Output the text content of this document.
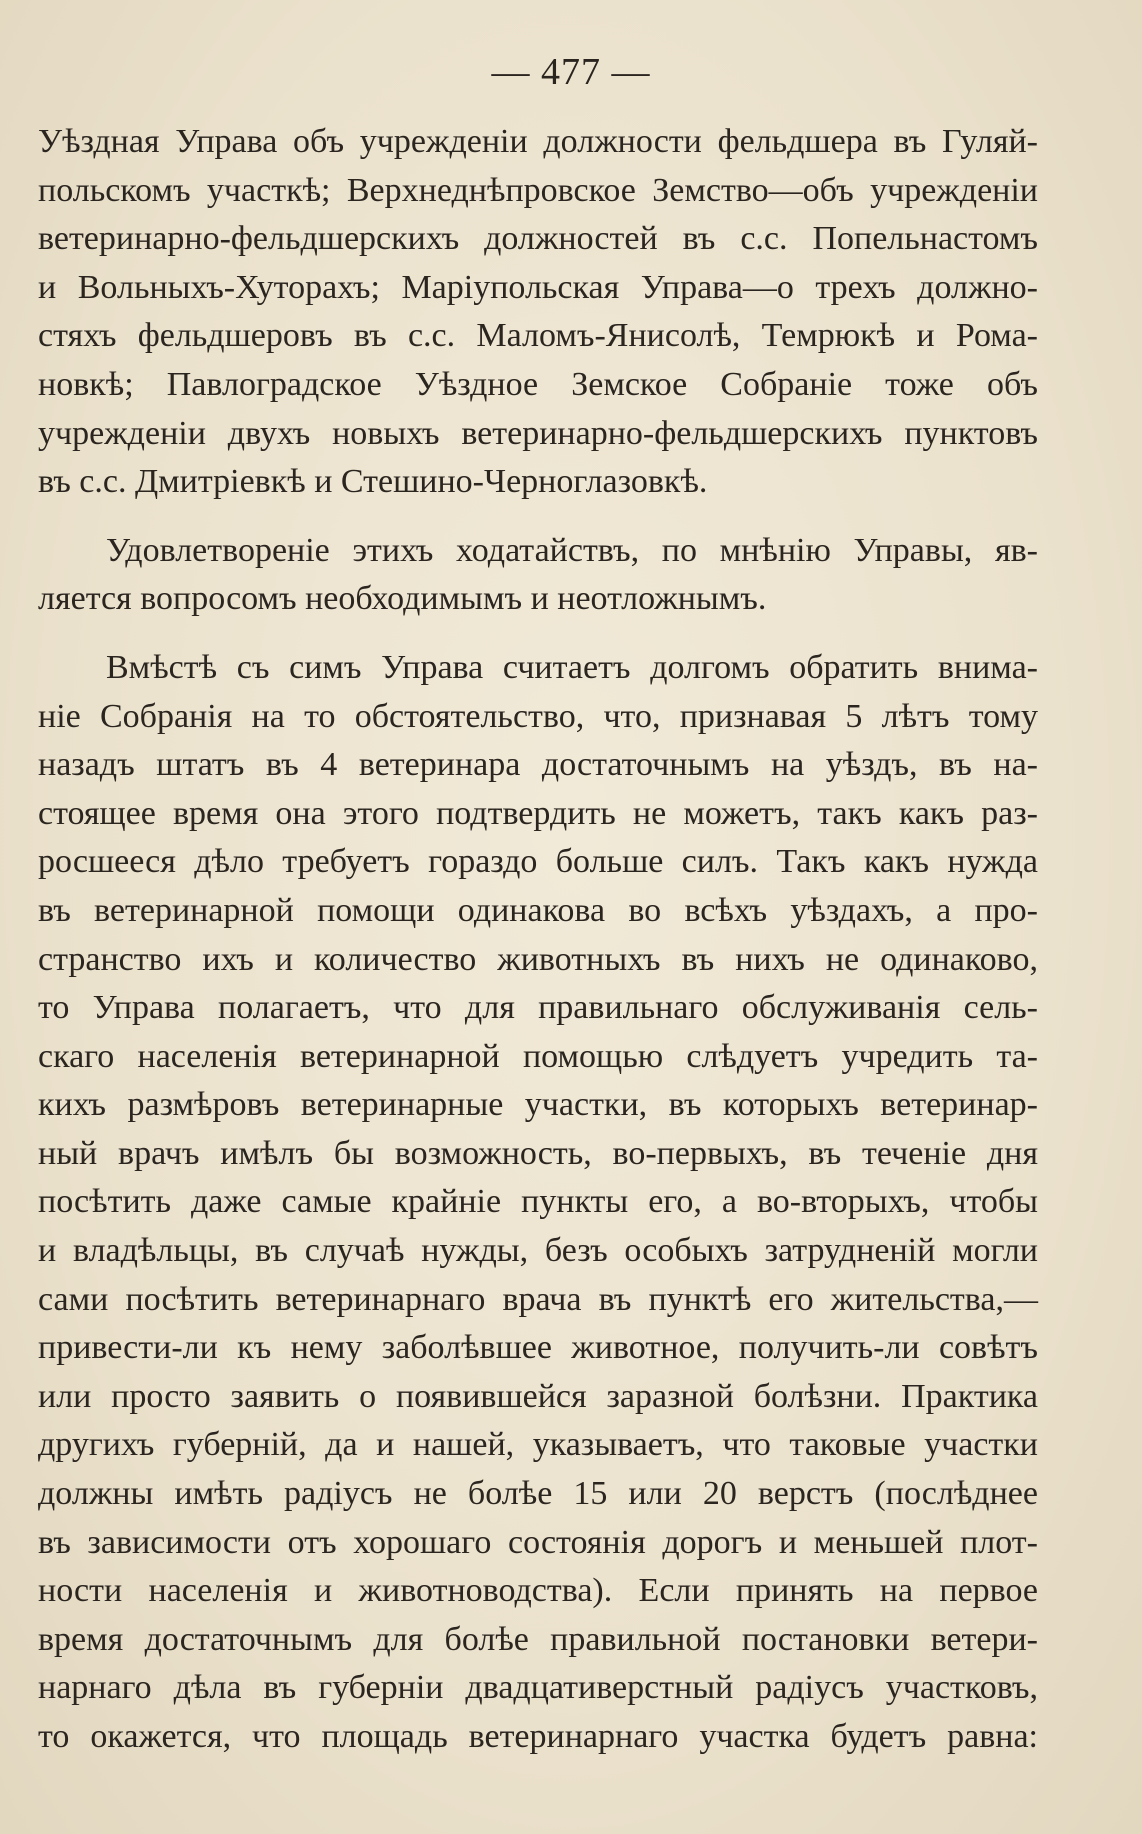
— 477 —
Уѣздная Управа объ учрежденіи должности фельдшера въ Гуляй-
польскомъ участкѣ; Верхнеднѣпровское Земство—объ учрежденіи
ветеринарно-фельдшерскихъ должностей въ с.с. Попельнастомъ
и Вольныхъ-Хуторахъ; Маріупольская Управа—о трехъ должно-
стяхъ фельдшеровъ въ с.с. Маломъ-Янисолѣ, Темрюкѣ и Рома-
новкѣ; Павлоградское Уѣздное Земское Собраніе тоже объ
учрежденіи двухъ новыхъ ветеринарно-фельдшерскихъ пунктовъ
въ с.с. Дмитріевкѣ и Стешино-Черноглазовкѣ.
Удовлетвореніе этихъ ходатайствъ, по мнѣнію Управы, яв-
ляется вопросомъ необходимымъ и неотложнымъ.
Вмѣстѣ съ симъ Управа считаетъ долгомъ обратить внима-
ніе Собранія на то обстоятельство, что, признавая 5 лѣтъ тому
назадъ штатъ въ 4 ветеринара достаточнымъ на уѣздъ, въ на-
стоящее время она этого подтвердить не можетъ, такъ какъ раз-
росшееся дѣло требуетъ гораздо больше силъ. Такъ какъ нужда
въ ветеринарной помощи одинакова во всѣхъ уѣздахъ, а про-
странство ихъ и количество животныхъ въ нихъ не одинаково,
то Управа полагаетъ, что для правильнаго обслуживанія сель-
скаго населенія ветеринарной помощью слѣдуетъ учредить та-
кихъ размѣровъ ветеринарные участки, въ которыхъ ветеринар-
ный врачъ имѣлъ бы возможность, во-первыхъ, въ теченіе дня
посѣтить даже самые крайніе пункты его, а во-вторыхъ, чтобы
и владѣльцы, въ случаѣ нужды, безъ особыхъ затрудненій могли
сами посѣтить ветеринарнаго врача въ пунктѣ его жительства,—
привести-ли къ нему заболѣвшее животное, получить-ли совѣтъ
или просто заявить о появившейся заразной болѣзни. Практика
другихъ губерній, да и нашей, указываетъ, что таковые участки
должны имѣть радіусъ не болѣе 15 или 20 верстъ (послѣднее
въ зависимости отъ хорошаго состоянія дорогъ и меньшей плот-
ности населенія и животноводства). Если принять на первое
время достаточнымъ для болѣе правильной постановки ветери-
нарнаго дѣла въ губерніи двадцативерстный радіусъ участковъ,
то окажется, что площадь ветеринарнаго участка будетъ равна:
